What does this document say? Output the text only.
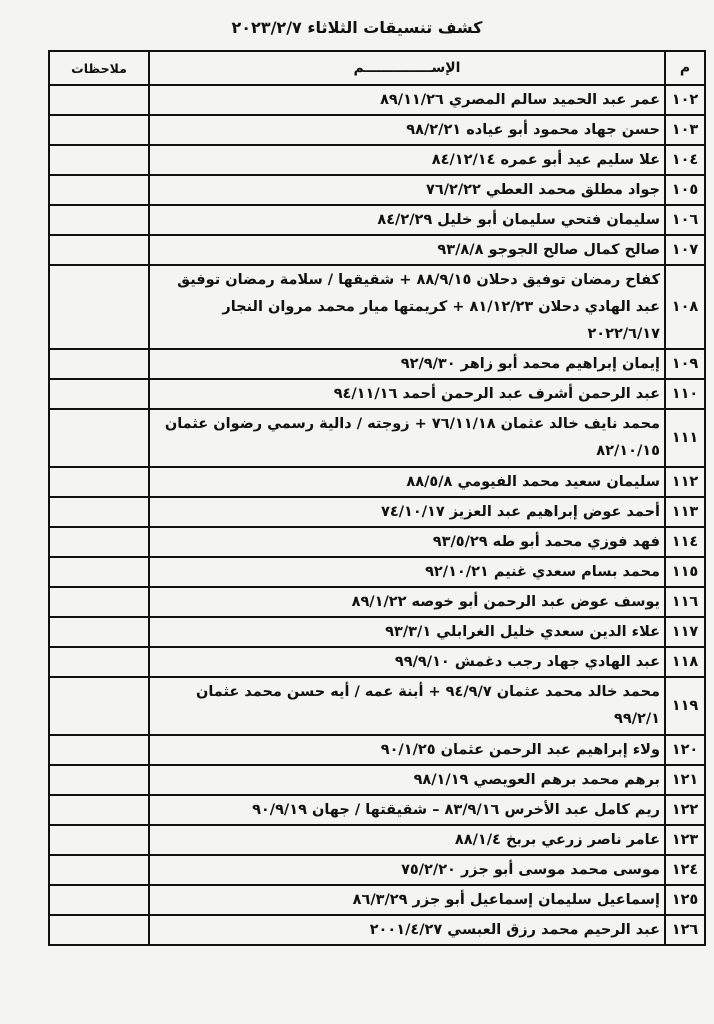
كشف تنسيقات الثلاثاء ٢٠٢٣/٢/٧
م	الإســــــــــــــم	ملاحظات
١٠٢	عمر عبد الحميد سالم المصري ٨٩/١١/٢٦	
١٠٣	حسن جهاد محمود أبو عياده ٩٨/٢/٢١	
١٠٤	علا سليم عيد أبو عمره ٨٤/١٢/١٤	
١٠٥	جواد مطلق محمد العطي ٧٦/٢/٢٢	
١٠٦	سليمان فتحي سليمان أبو خليل ٨٤/٢/٢٩	
١٠٧	صالح كمال صالح الجوجو ٩٣/٨/٨	
١٠٨	كفاح رمضان توفيق دحلان ٨٨/٩/١٥ + شقيقها / سلامة رمضان توفيق عبد الهادي دحلان ٨١/١٢/٢٣ + كريمتها ميار محمد مروان النجار ٢٠٢٢/٦/١٧	
١٠٩	إيمان إبراهيم محمد أبو زاهر ٩٢/٩/٣٠	
١١٠	عبد الرحمن أشرف عبد الرحمن أحمد ٩٤/١١/١٦	
١١١	محمد نايف خالد عثمان ٧٦/١١/١٨ + زوجته / دالية رسمي رضوان عثمان ٨٢/١٠/١٥	
١١٢	سليمان سعيد محمد الفيومي ٨٨/٥/٨	
١١٣	أحمد عوض إبراهيم عبد العزيز ٧٤/١٠/١٧	
١١٤	فهد فوزي محمد أبو طه ٩٣/٥/٢٩	
١١٥	محمد بسام سعدي غنيم ٩٢/١٠/٢١	
١١٦	يوسف عوض عبد الرحمن أبو خوصه ٨٩/١/٢٢	
١١٧	علاء الدين سعدي خليل الغرابلي ٩٣/٣/١	
١١٨	عبد الهادي جهاد رجب دغمش ٩٩/٩/١٠	
١١٩	محمد خالد محمد عثمان ٩٤/٩/٧ + أبنة عمه / أيه حسن محمد عثمان ٩٩/٢/١	
١٢٠	ولاء إبراهيم عبد الرحمن عثمان ٩٠/١/٢٥	
١٢١	برهم محمد برهم العويصي ٩٨/١/١٩	
١٢٢	ريم كامل عبد الأخرس ٨٣/٩/١٦ – شقيقتها / جهان ٩٠/٩/١٩	
١٢٣	عامر ناصر زرعي بربخ ٨٨/١/٤	
١٢٤	موسى محمد موسى أبو جزر ٧٥/٢/٢٠	
١٢٥	إسماعيل سليمان إسماعيل أبو جزر ٨٦/٣/٢٩	
١٢٦	عبد الرحيم محمد رزق العبسي ٢٠٠١/٤/٢٧	
